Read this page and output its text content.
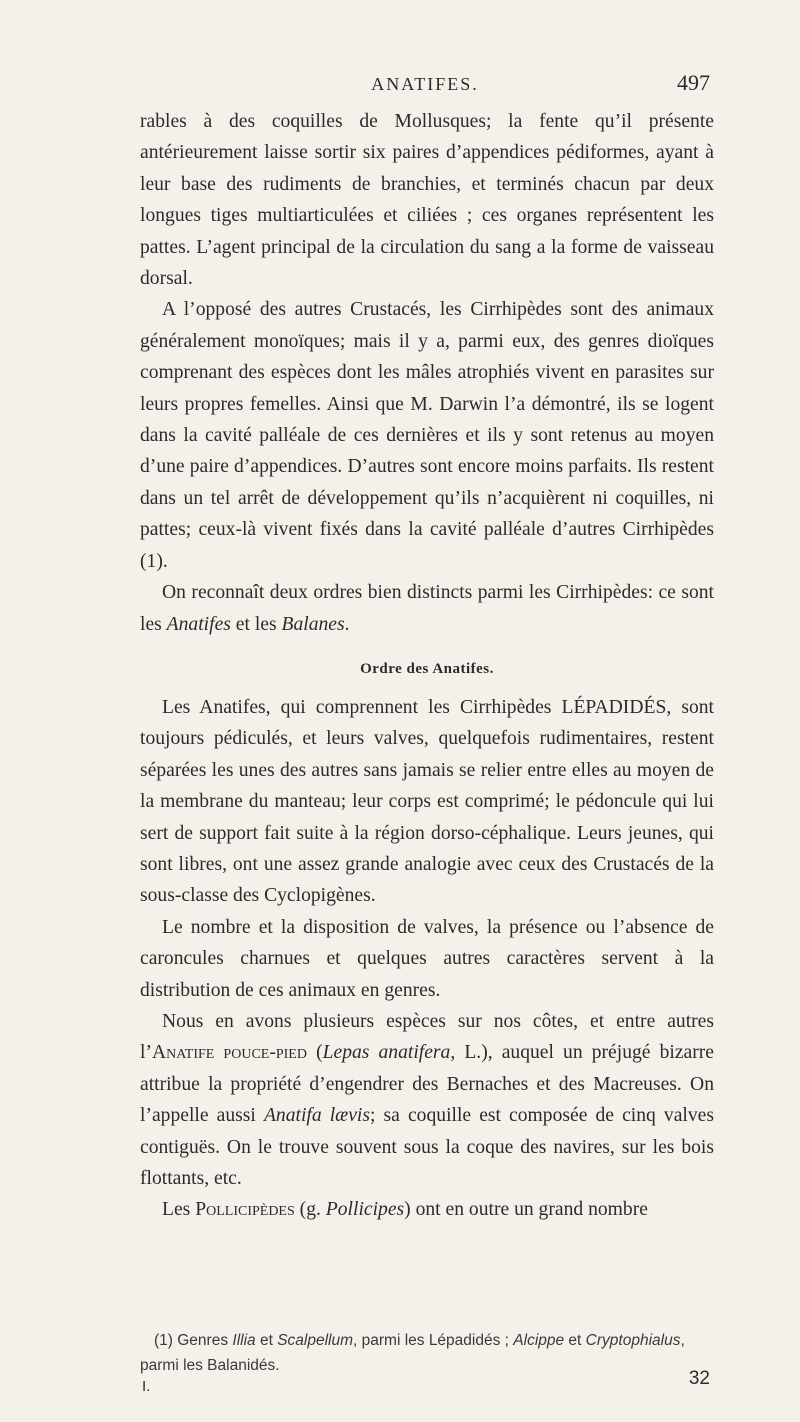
ANATIFES.	497

rables à des coquilles de Mollusques; la fente qu’il présente antérieurement laisse sortir six paires d’appendices pédiformes, ayant à leur base des rudiments de branchies, et terminés chacun par deux longues tiges multiarticulées et ciliées ; ces organes représentent les pattes. L’agent principal de la circulation du sang a la forme de vaisseau dorsal.

A l’opposé des autres Crustacés, les Cirrhipèdes sont des animaux généralement monoïques; mais il y a, parmi eux, des genres dioïques comprenant des espèces dont les mâles atrophiés vivent en parasites sur leurs propres femelles. Ainsi que M. Darwin l’a démontré, ils se logent dans la cavité palléale de ces dernières et ils y sont retenus au moyen d’une paire d’appendices. D’autres sont encore moins parfaits. Ils restent dans un tel arrêt de développement qu’ils n’acquièrent ni coquilles, ni pattes; ceux-là vivent fixés dans la cavité palléale d’autres Cirrhipèdes (1).

On reconnaît deux ordres bien distincts parmi les Cirrhipèdes: ce sont les Anatifes et les Balanes.

Ordre des Anatifes.

Les Anatifes, qui comprennent les Cirrhipèdes LÉPADIDÉS, sont toujours pédiculés, et leurs valves, quelquefois rudimentaires, restent séparées les unes des autres sans jamais se relier entre elles au moyen de la membrane du manteau; leur corps est comprimé; le pédoncule qui lui sert de support fait suite à la région dorso-céphalique. Leurs jeunes, qui sont libres, ont une assez grande analogie avec ceux des Crustacés de la sous-classe des Cyclopigènes.

Le nombre et la disposition de valves, la présence ou l’absence de caroncules charnues et quelques autres caractères servent à la distribution de ces animaux en genres.

Nous en avons plusieurs espèces sur nos côtes, et entre autres l’Anatife pouce-pied (Lepas anatifera, L.), auquel un préjugé bizarre attribue la propriété d’engendrer des Bernaches et des Macreuses. On l’appelle aussi Anatifa lævis; sa coquille est composée de cinq valves contiguës. On le trouve souvent sous la coque des navires, sur les bois flottants, etc.

Les Pollicipèdes (g. Pollicipes) ont en outre un grand nombre

(1) Genres Illia et Scalpellum, parmi les Lépadidés ; Alcippe et Cryptophialus, parmi les Balanidés.

I.	32
